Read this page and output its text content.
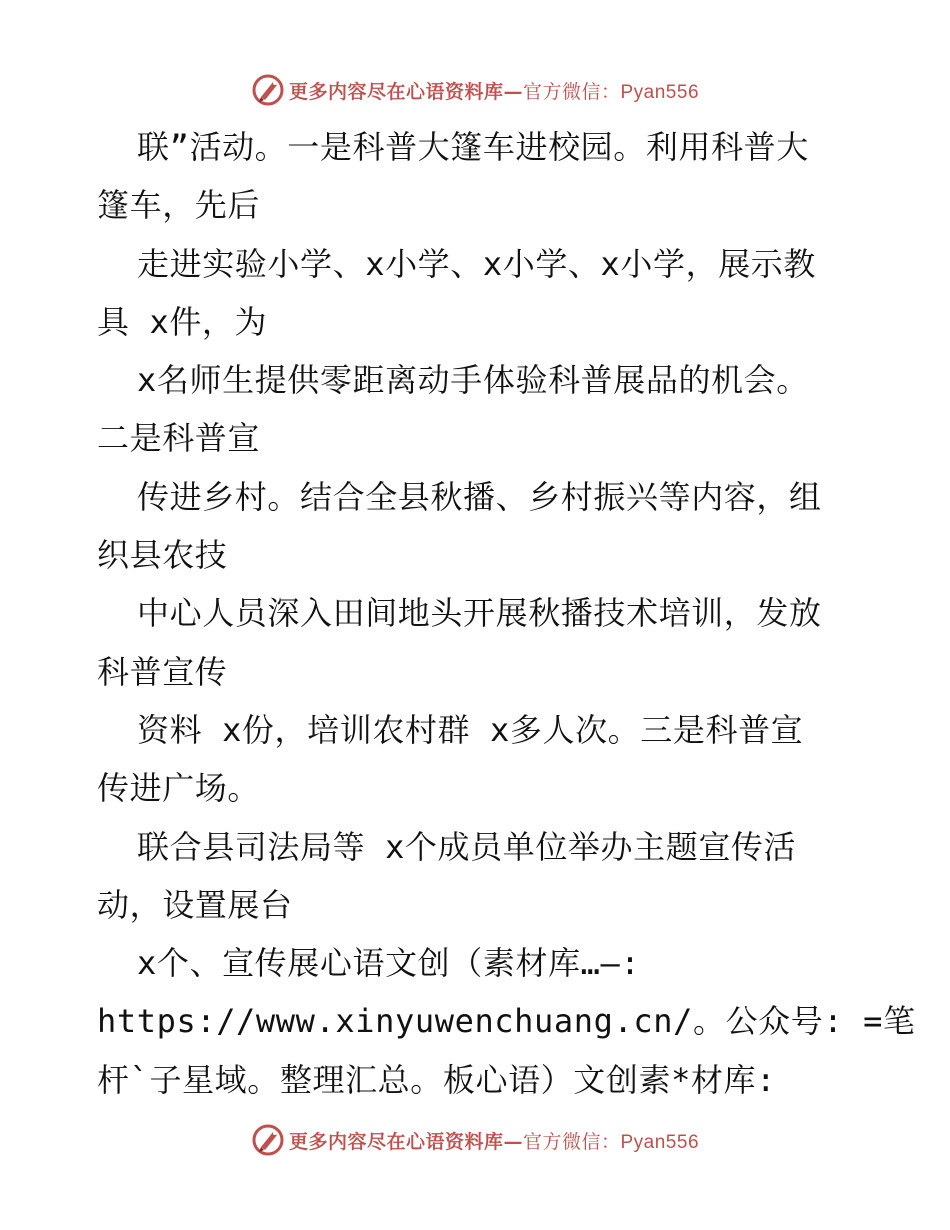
更多内容尽在心语资料库—官方微信：Pyan556
联”活动。一是科普大篷车进校园。利用科普大
篷车，先后
走进实验小学、x小学、x小学、x小学，展示教
具 x件，为
x名师生提供零距离动手体验科普展品的机会。
二是科普宣
传进乡村。结合全县秋播、乡村振兴等内容，组
织县农技
中心人员深入田间地头开展秋播技术培训，发放
科普宣传
资料 x份，培训农村群 x多人次。三是科普宣
传进广场。
联合县司法局等 x个成员单位举办主题宣传活
动，设置展台
x个、宣传展心语文创（素材库…—:
https://www.xinyuwenchuang.cn/。公众号: =笔
杆`子星域。整理汇总。板心语）文创素*材库:
更多内容尽在心语资料库—官方微信：Pyan556
